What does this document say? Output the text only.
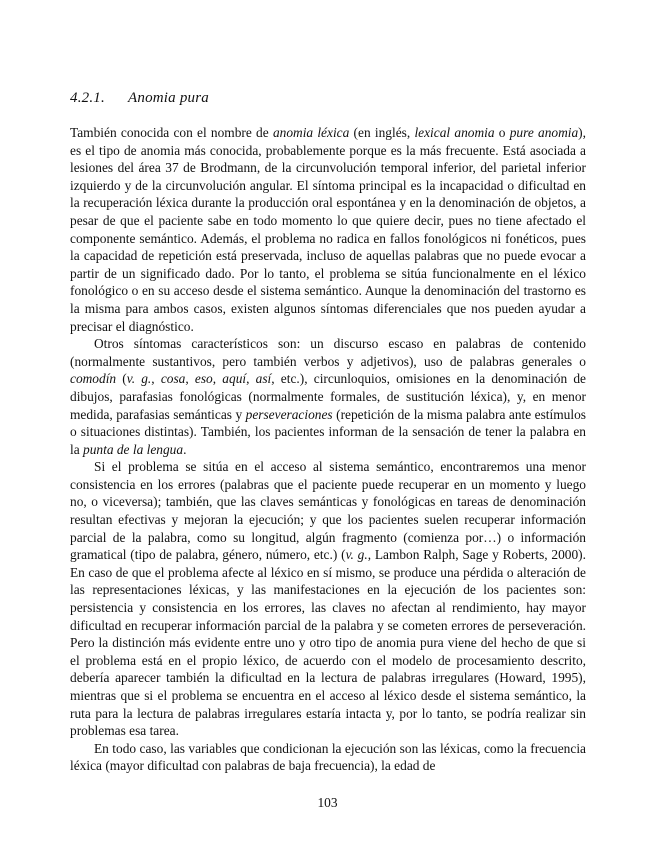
4.2.1. Anomia pura

También conocida con el nombre de anomia léxica (en inglés, lexical anomia o pure anomia), es el tipo de anomia más conocida, probablemente porque es la más frecuente. Está asociada a lesiones del área 37 de Brodmann, de la circunvolución temporal inferior, del parietal inferior izquierdo y de la circunvolución angular. El síntoma principal es la incapacidad o dificultad en la recuperación léxica durante la producción oral espontánea y en la denominación de objetos, a pesar de que el paciente sabe en todo momento lo que quiere decir, pues no tiene afectado el componente semántico. Además, el problema no radica en fallos fonológicos ni fonéticos, pues la capacidad de repetición está preservada, incluso de aquellas palabras que no puede evocar a partir de un significado dado. Por lo tanto, el problema se sitúa funcionalmente en el léxico fonológico o en su acceso desde el sistema semántico. Aunque la denominación del trastorno es la misma para ambos casos, existen algunos síntomas diferenciales que nos pueden ayudar a precisar el diagnóstico.

Otros síntomas característicos son: un discurso escaso en palabras de contenido (normalmente sustantivos, pero también verbos y adjetivos), uso de palabras generales o comodín (v. g., cosa, eso, aquí, así, etc.), circunloquios, omisiones en la denominación de dibujos, parafasias fonológicas (normalmente formales, de sustitución léxica), y, en menor medida, parafasias semánticas y perseveraciones (repetición de la misma palabra ante estímulos o situaciones distintas). También, los pacientes informan de la sensación de tener la palabra en la punta de la lengua.

Si el problema se sitúa en el acceso al sistema semántico, encontraremos una menor consistencia en los errores (palabras que el paciente puede recuperar en un momento y luego no, o viceversa); también, que las claves semánticas y fonológicas en tareas de denominación resultan efectivas y mejoran la ejecución; y que los pacientes suelen recuperar información parcial de la palabra, como su longitud, algún fragmento (comienza por…) o información gramatical (tipo de palabra, género, número, etc.) (v. g., Lambon Ralph, Sage y Roberts, 2000). En caso de que el problema afecte al léxico en sí mismo, se produce una pérdida o alteración de las representaciones léxicas, y las manifestaciones en la ejecución de los pacientes son: persistencia y consistencia en los errores, las claves no afectan al rendimiento, hay mayor dificultad en recuperar información parcial de la palabra y se cometen errores de perseveración. Pero la distinción más evidente entre uno y otro tipo de anomia pura viene del hecho de que si el problema está en el propio léxico, de acuerdo con el modelo de procesamiento descrito, debería aparecer también la dificultad en la lectura de palabras irregulares (Howard, 1995), mientras que si el problema se encuentra en el acceso al léxico desde el sistema semántico, la ruta para la lectura de palabras irregulares estaría intacta y, por lo tanto, se podría realizar sin problemas esa tarea.

En todo caso, las variables que condicionan la ejecución son las léxicas, como la frecuencia léxica (mayor dificultad con palabras de baja frecuencia), la edad de

103
